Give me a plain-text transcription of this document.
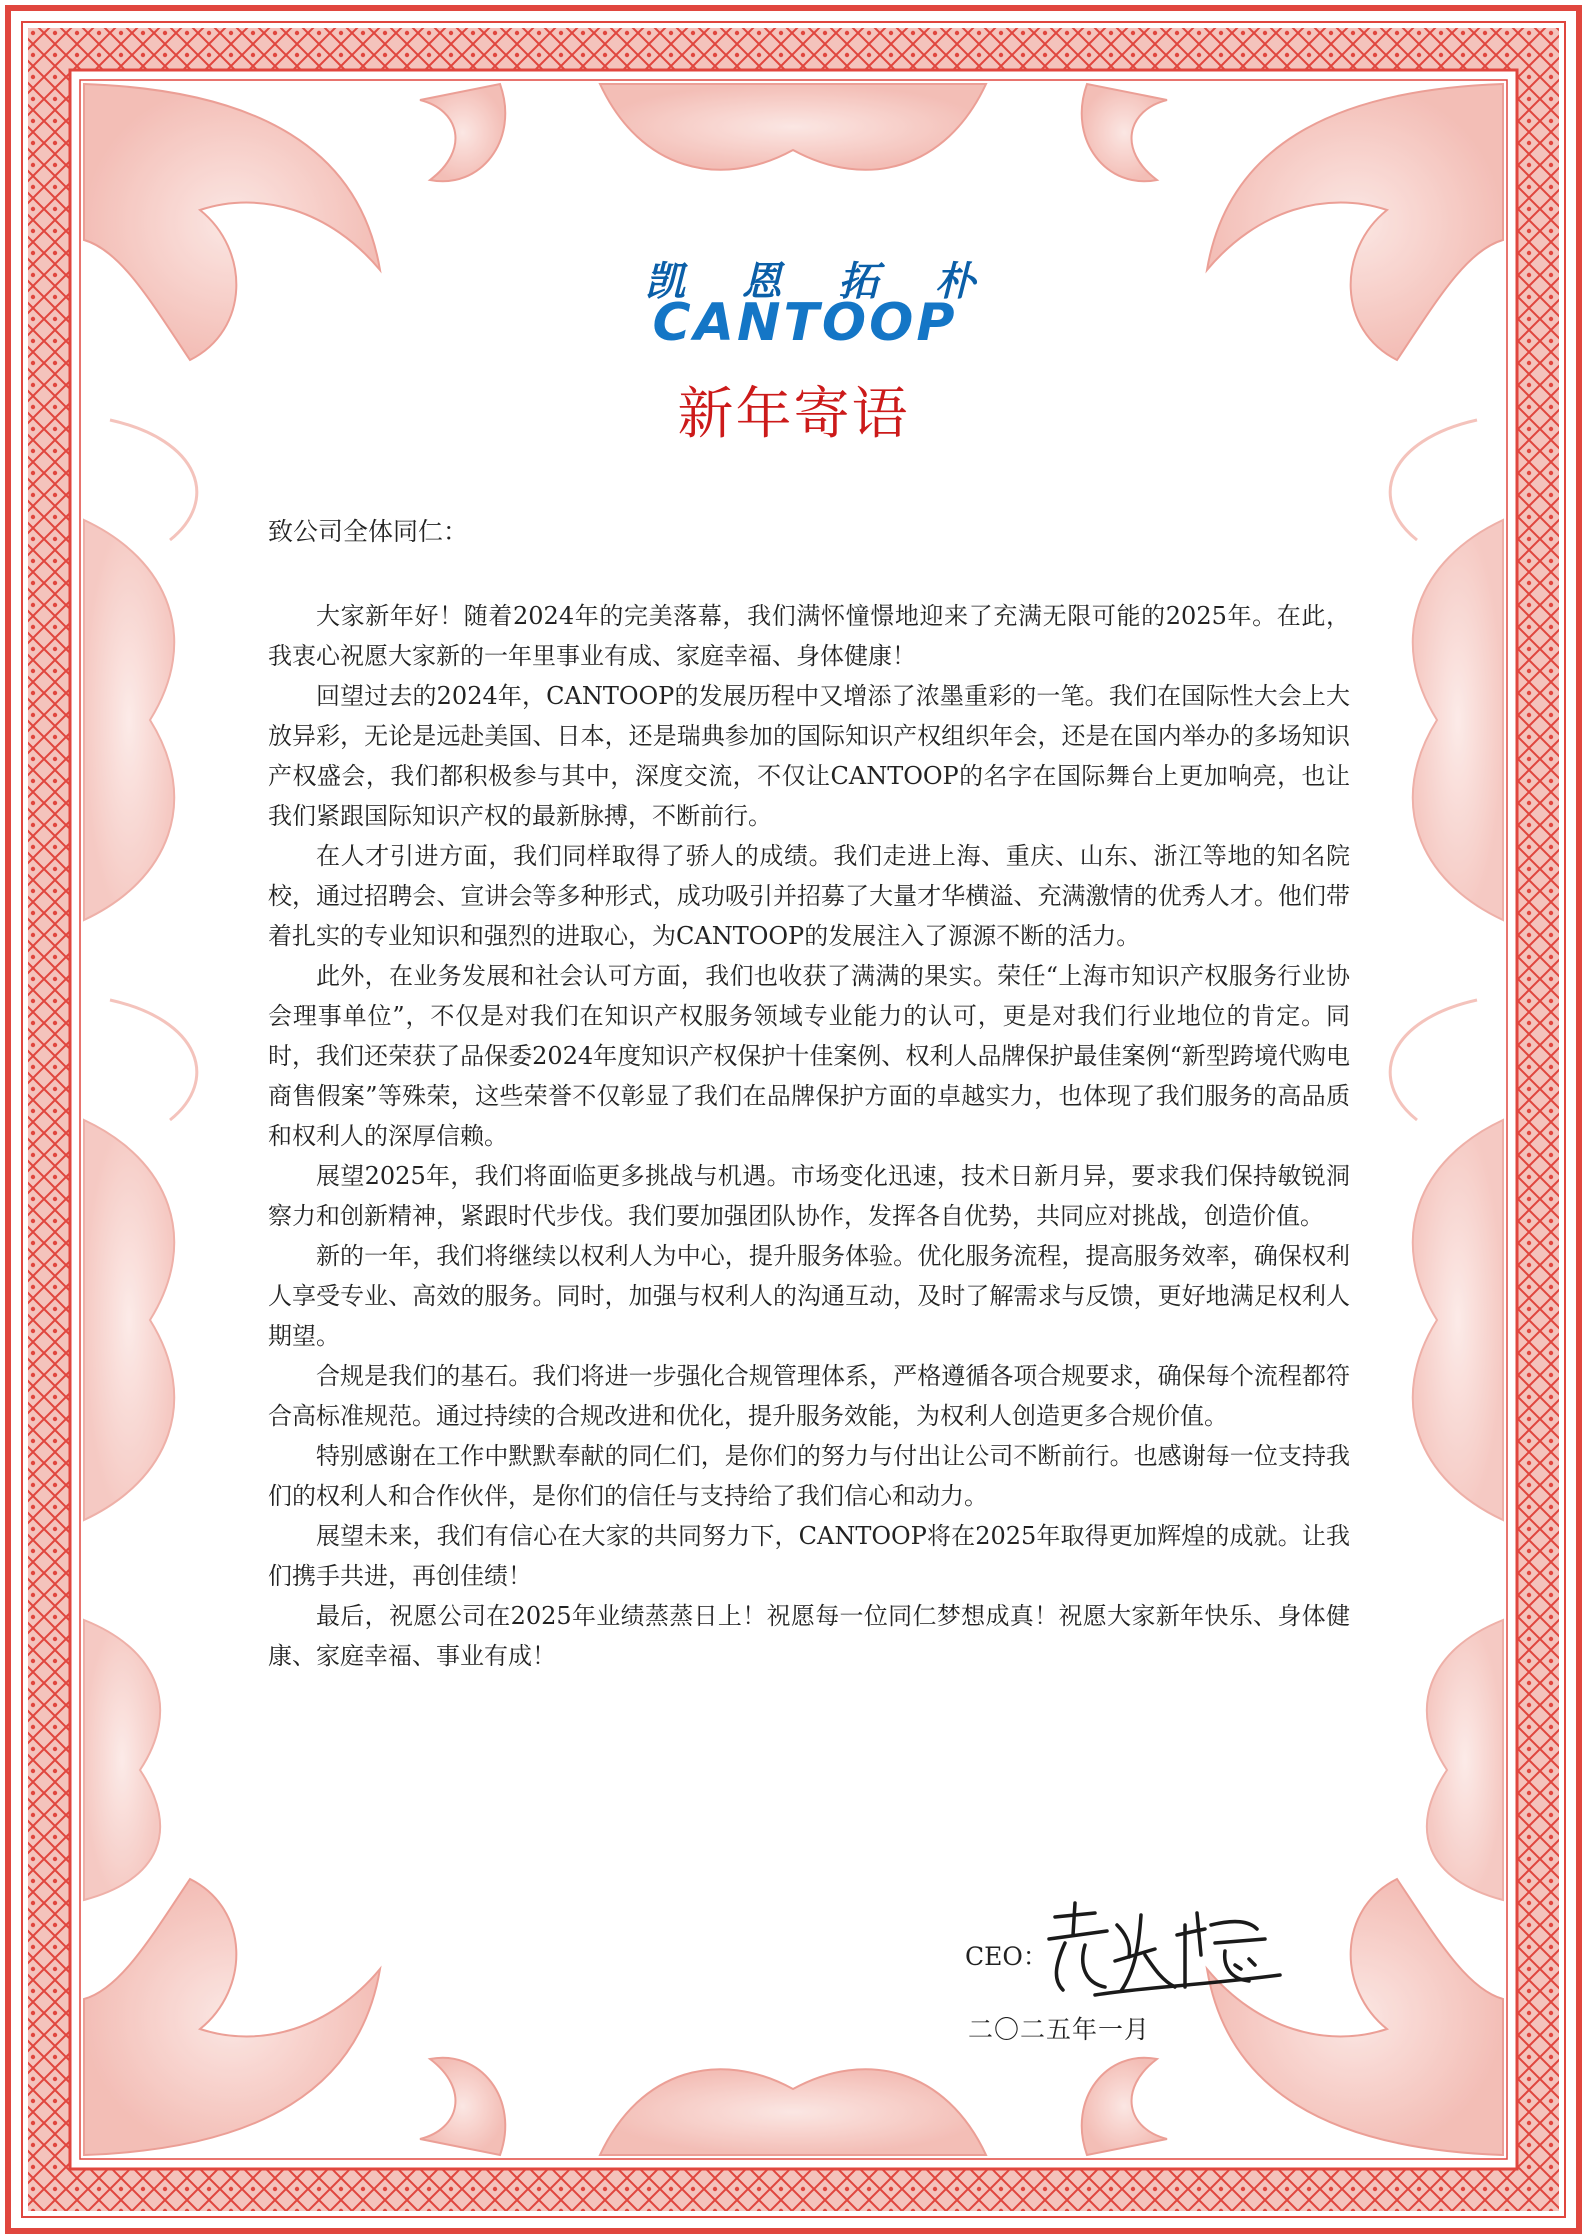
凯	恩	拓	朴
CANTOOP
新年寄语
致公司全体同仁：

大家新年好！随着2024年的完美落幕，我们满怀憧憬地迎来了充满无限可能的2025年。在此，我衷心祝愿大家新的一年里事业有成、家庭幸福、身体健康！

回望过去的2024年，CANTOOP的发展历程中又增添了浓墨重彩的一笔。我们在国际性大会上大放异彩，无论是远赴美国、日本，还是瑞典参加的国际知识产权组织年会，还是在国内举办的多场知识产权盛会，我们都积极参与其中，深度交流，不仅让CANTOOP的名字在国际舞台上更加响亮，也让我们紧跟国际知识产权的最新脉搏，不断前行。

在人才引进方面，我们同样取得了骄人的成绩。我们走进上海、重庆、山东、浙江等地的知名院校，通过招聘会、宣讲会等多种形式，成功吸引并招募了大量才华横溢、充满激情的优秀人才。他们带着扎实的专业知识和强烈的进取心，为CANTOOP的发展注入了源源不断的活力。

此外，在业务发展和社会认可方面，我们也收获了满满的果实。荣任“上海市知识产权服务行业协会理事单位”，不仅是对我们在知识产权服务领域专业能力的认可，更是对我们行业地位的肯定。同时，我们还荣获了品保委2024年度知识产权保护十佳案例、权利人品牌保护最佳案例“新型跨境代购电商售假案”等殊荣，这些荣誉不仅彰显了我们在品牌保护方面的卓越实力，也体现了我们服务的高品质和权利人的深厚信赖。

展望2025年，我们将面临更多挑战与机遇。市场变化迅速，技术日新月异，要求我们保持敏锐洞察力和创新精神，紧跟时代步伐。我们要加强团队协作，发挥各自优势，共同应对挑战，创造价值。

新的一年，我们将继续以权利人为中心，提升服务体验。优化服务流程，提高服务效率，确保权利人享受专业、高效的服务。同时，加强与权利人的沟通互动，及时了解需求与反馈，更好地满足权利人期望。

合规是我们的基石。我们将进一步强化合规管理体系，严格遵循各项合规要求，确保每个流程都符合高标准规范。通过持续的合规改进和优化，提升服务效能，为权利人创造更多合规价值。

特别感谢在工作中默默奉献的同仁们，是你们的努力与付出让公司不断前行。也感谢每一位支持我们的权利人和合作伙伴，是你们的信任与支持给了我们信心和动力。

展望未来，我们有信心在大家的共同努力下，CANTOOP将在2025年取得更加辉煌的成就。让我们携手共进，再创佳绩！

最后，祝愿公司在2025年业绩蒸蒸日上！祝愿每一位同仁梦想成真！祝愿大家新年快乐、身体健康、家庭幸福、事业有成！

CEO：
二〇二五年一月
